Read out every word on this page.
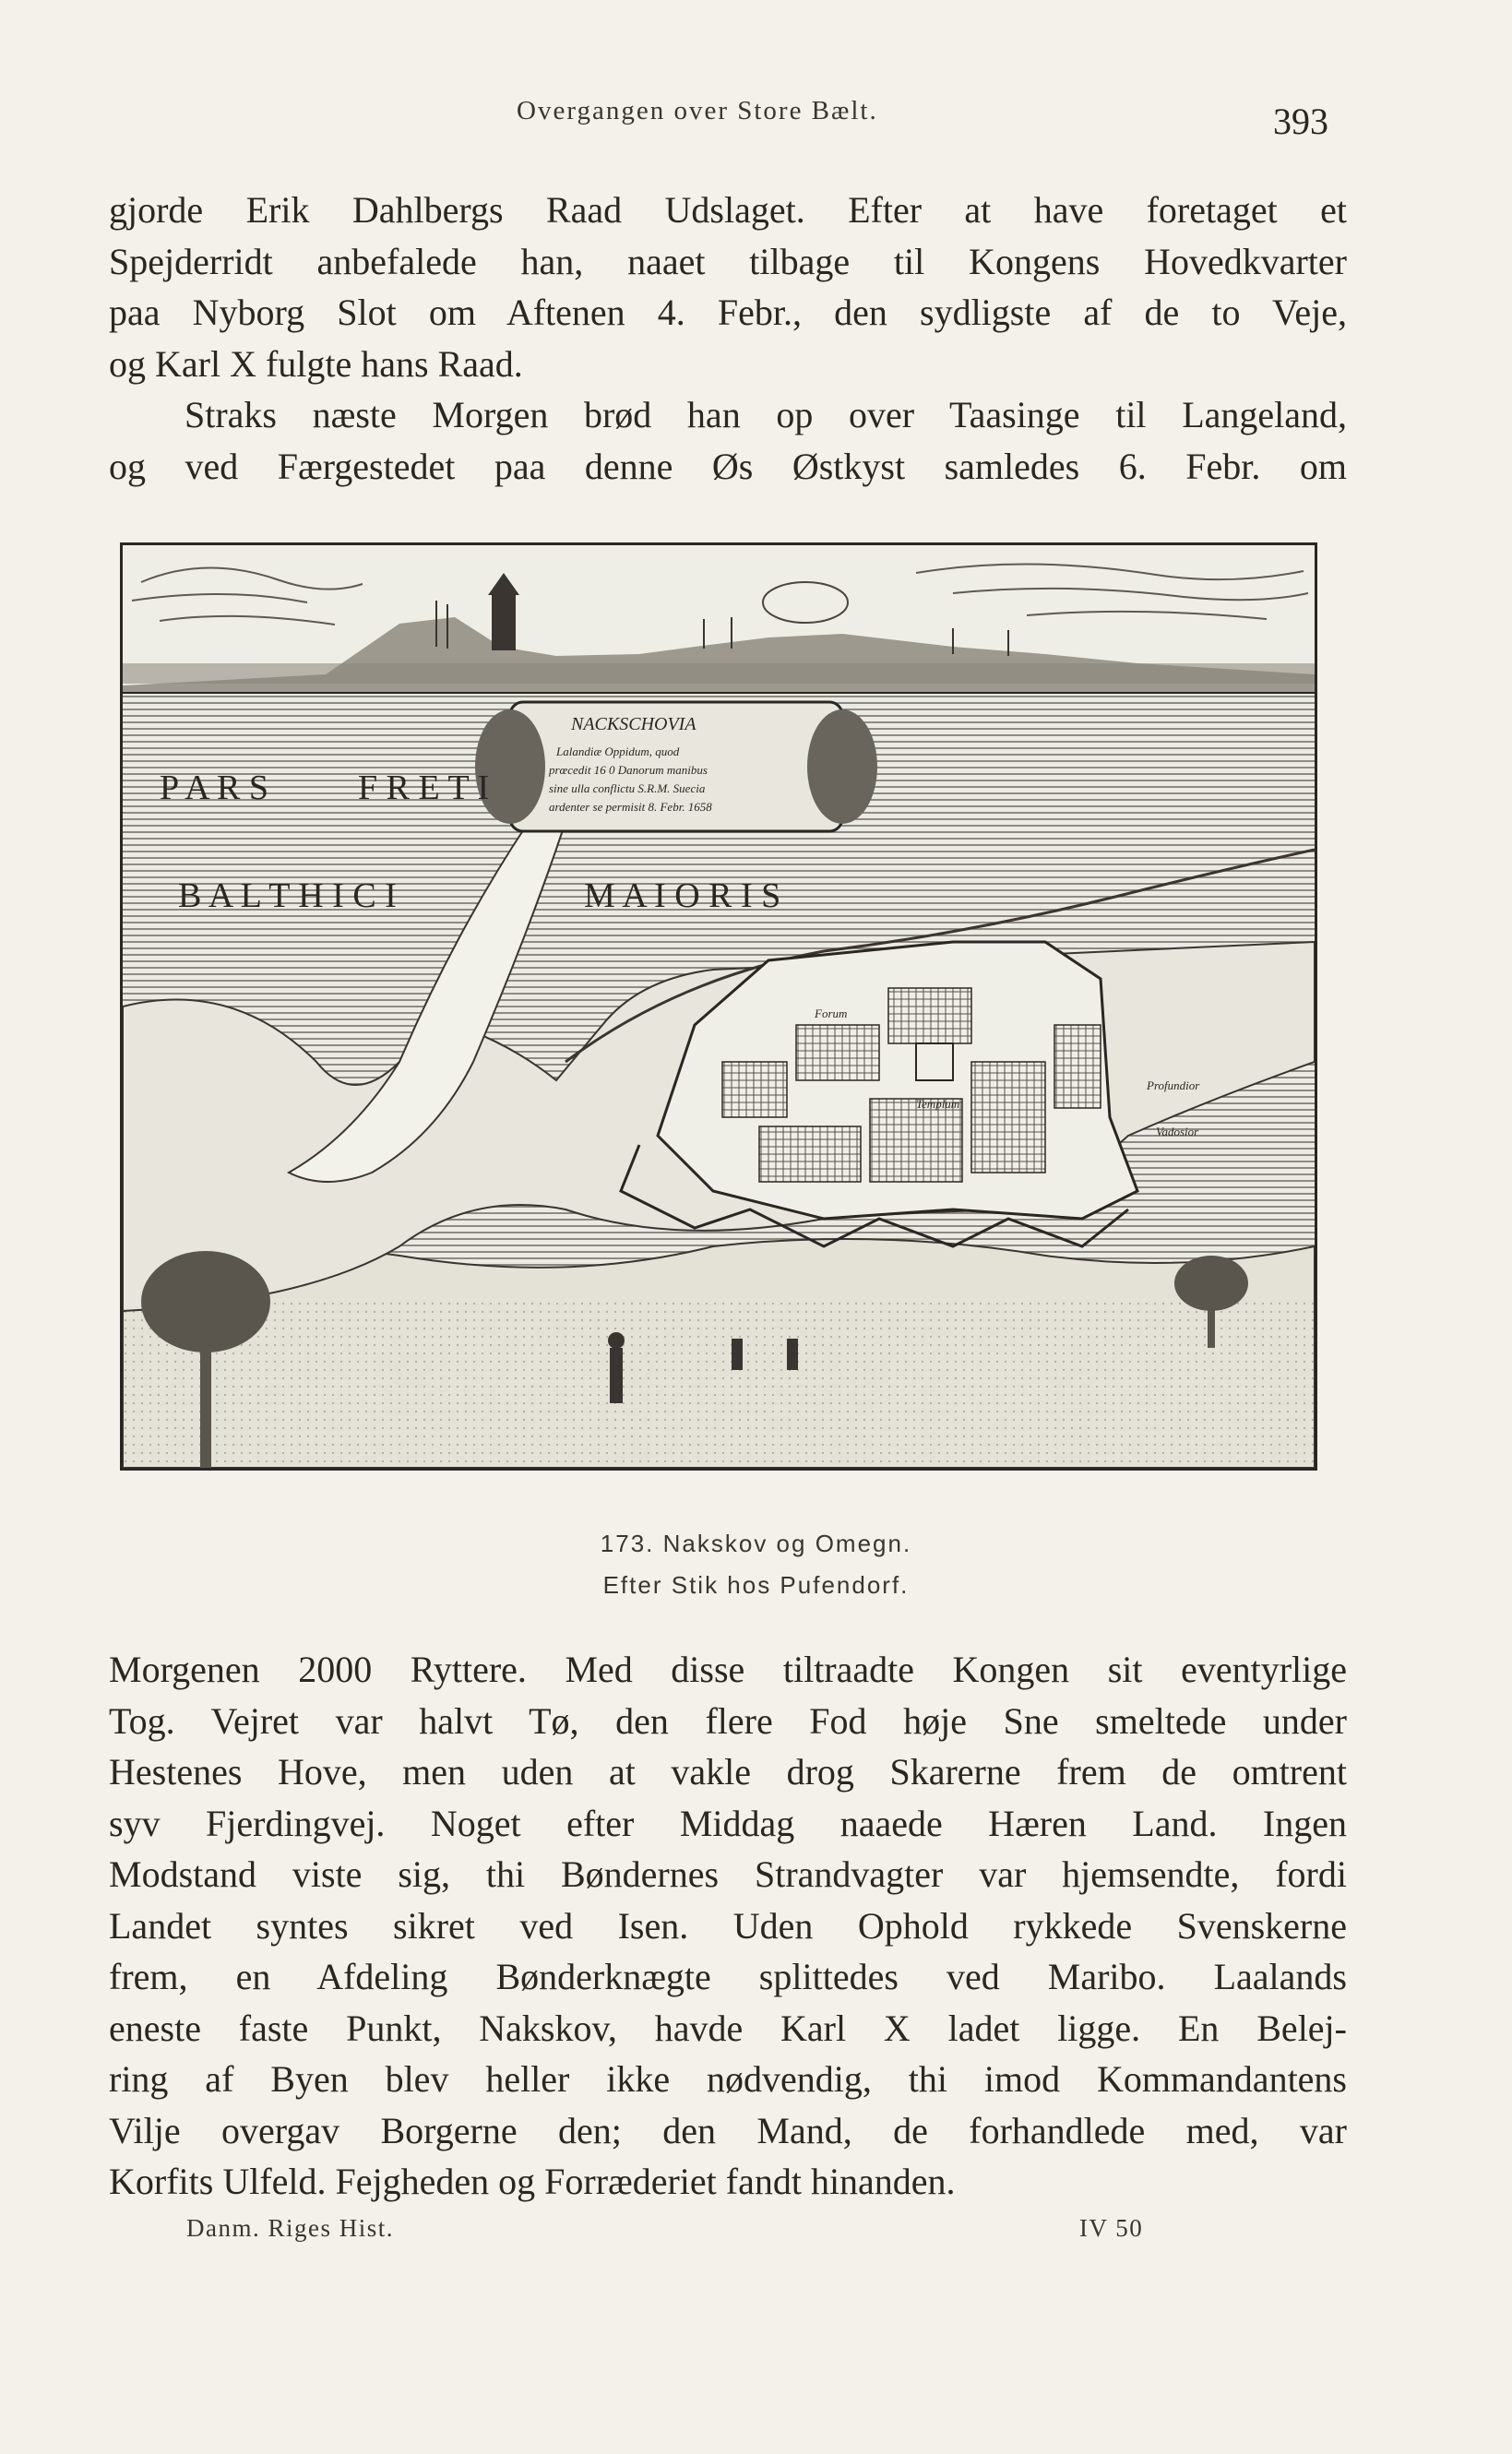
Overgangen over Store Bælt.	393
gjorde Erik Dahlbergs Raad Udslaget. Efter at have foretaget et
Spejderridt anbefalede han, naaet tilbage til Kongens Hovedkvarter
paa Nyborg Slot om Aftenen 4. Febr., den sydligste af de to Veje,
og Karl X fulgte hans Raad.
Straks næste Morgen brød han op over Taasinge til Langeland,
og ved Færgestedet paa denne Øs Østkyst samledes 6. Febr. om
NACKSCHOVIA
Lalandiæ Oppidum, quod
prœcedit 16 0 Danorum manibus
sine ulla conflictu S.R.M. Suecia
ardenter se permisit 8. Febr. 1658
P A R S	F R E T I
B A L T H I C I	M A I O R I S
Forum
Templum
Profundior
Vadosior
173. Nakskov og Omegn.
Efter Stik hos Pufendorf.
Morgenen 2000 Ryttere. Med disse tiltraadte Kongen sit eventyrlige
Tog. Vejret var halvt Tø, den flere Fod høje Sne smeltede under
Hestenes Hove, men uden at vakle drog Skarerne frem de omtrent
syv Fjerdingvej. Noget efter Middag naaede Hæren Land. Ingen
Modstand viste sig, thi Bøndernes Strandvagter var hjemsendte, fordi
Landet syntes sikret ved Isen. Uden Ophold rykkede Svenskerne
frem, en Afdeling Bønderknægte splittedes ved Maribo. Laalands
eneste faste Punkt, Nakskov, havde Karl X ladet ligge. En Belej-
ring af Byen blev heller ikke nødvendig, thi imod Kommandantens
Vilje overgav Borgerne den; den Mand, de forhandlede med, var
Korfits Ulfeld. Fejgheden og Forræderiet fandt hinanden.
Danm. Riges Hist.	IV 50
